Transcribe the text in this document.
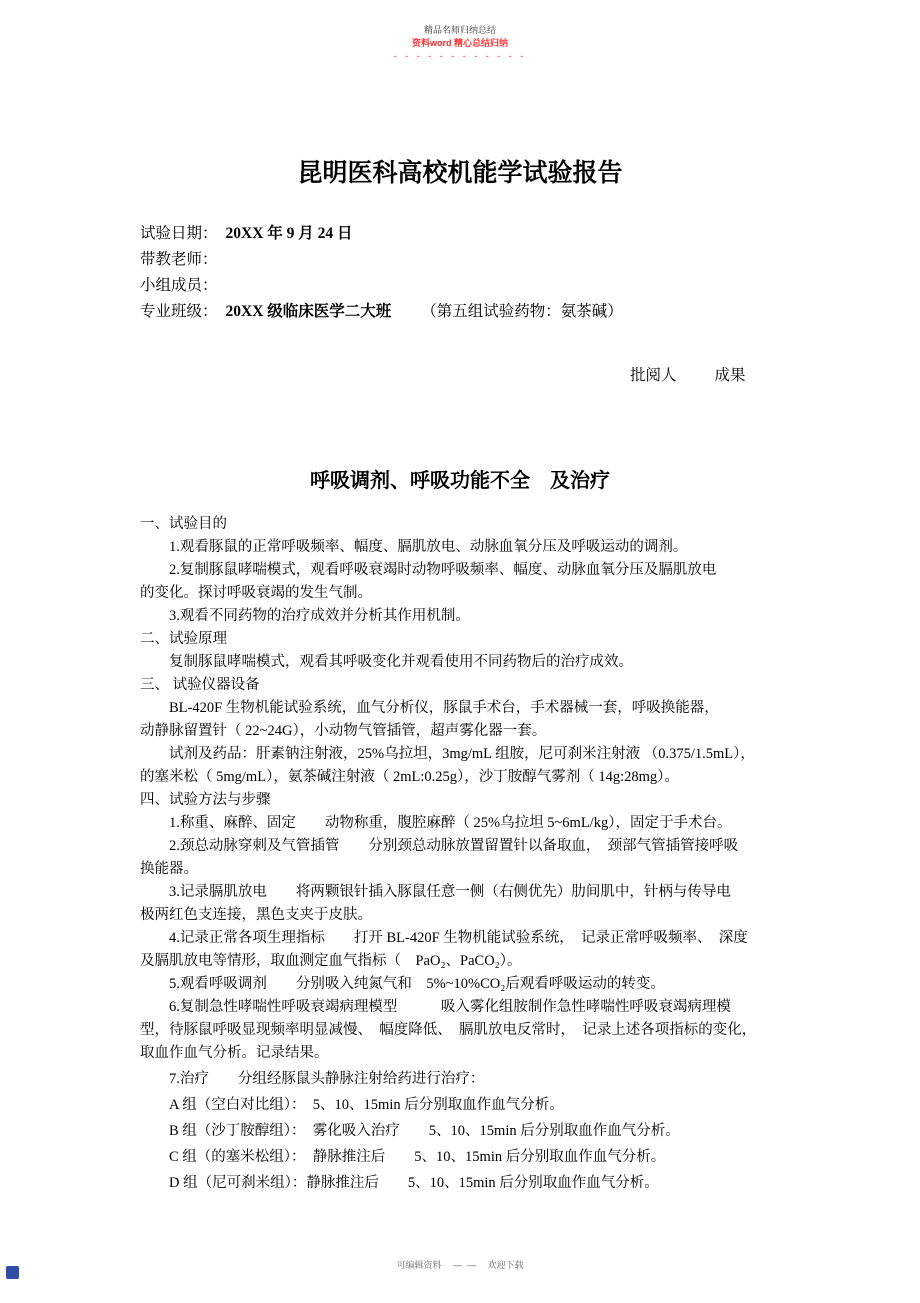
精品名师归纳总结
资料word 精心总结归纳
- - - - - - - - - - - -
昆明医科高校机能学试验报告
试验日期： 20XX 年 9 月 24 日
带教老师：
小组成员：
专业班级： 20XX 级临床医学二大班 （第五组试验药物：氨茶碱）
批阅人 成果
呼吸调剂、呼吸功能不全　及治疗
一、试验目的
　　1.观看豚鼠的正常呼吸频率、幅度、膈肌放电、动脉血氧分压及呼吸运动的调剂。
　　2.复制豚鼠哮喘模式，观看呼吸衰竭时动物呼吸频率、幅度、动脉血氧分压及膈肌放电
的变化。探讨呼吸衰竭的发生气制。
　　3.观看不同药物的治疗成效并分析其作用机制。
二、试验原理
　　复制豚鼠哮喘模式，观看其呼吸变化并观看使用不同药物后的治疗成效。
三、 试验仪器设备
　　BL-420F 生物机能试验系统，血气分析仪，豚鼠手术台，手术器械一套，呼吸换能器，
动静脉留置针（ 22~24G），小动物气管插管，超声雾化器一套。
　　试剂及药品：肝素钠注射液，25%乌拉坦，3mg/mL 组胺，尼可刹米注射液 （0.375/1.5mL），
的塞米松（ 5mg/mL），氨茶碱注射液（ 2mL:0.25g），沙丁胺醇气雾剂（ 14g:28mg）。
四、试验方法与步骤
　　1.称重、麻醉、固定　　动物称重，腹腔麻醉（ 25%乌拉坦 5~6mL/kg），固定于手术台。
　　2.颈总动脉穿刺及气管插管　　分别颈总动脉放置留置针以备取血，　颈部气管插管接呼吸
换能器。
　　3.记录膈肌放电　　将两颗银针插入豚鼠任意一侧（右侧优先）肋间肌中，针柄与传导电
极两红色支连接，黑色支夹于皮肤。
　　4.记录正常各项生理指标　　打开 BL-420F 生物机能试验系统，　记录正常呼吸频率、　深度
及膈肌放电等情形，取血测定血气指标（　PaO₂、PaCO₂）。
　　5.观看呼吸调剂　　分别吸入纯氮气和　5%~10%CO₂后观看呼吸运动的转变。
　　6.复制急性哮喘性呼吸衰竭病理模型　　　吸入雾化组胺制作急性哮喘性呼吸衰竭病理模
型，待豚鼠呼吸显现频率明显减慢、　幅度降低、　膈肌放电反常时，　记录上述各项指标的变化，
取血作血气分析。记录结果。
　　7.治疗　　分组经豚鼠头静脉注射给药进行治疗：
　　A 组（空白对比组）：　5、10、15min 后分别取血作血气分析。
　　B 组（沙丁胺醇组）：　雾化吸入治疗　　5、10、15min 后分别取血作血气分析。
　　C 组（的塞米松组）：　静脉推注后　　5、10、15min 后分别取血作血气分析。
　　D 组（尼可刹米组）：静脉推注后　　5、10、15min 后分别取血作血气分析。
可编辑资料　 —  — 　欢迎下载
